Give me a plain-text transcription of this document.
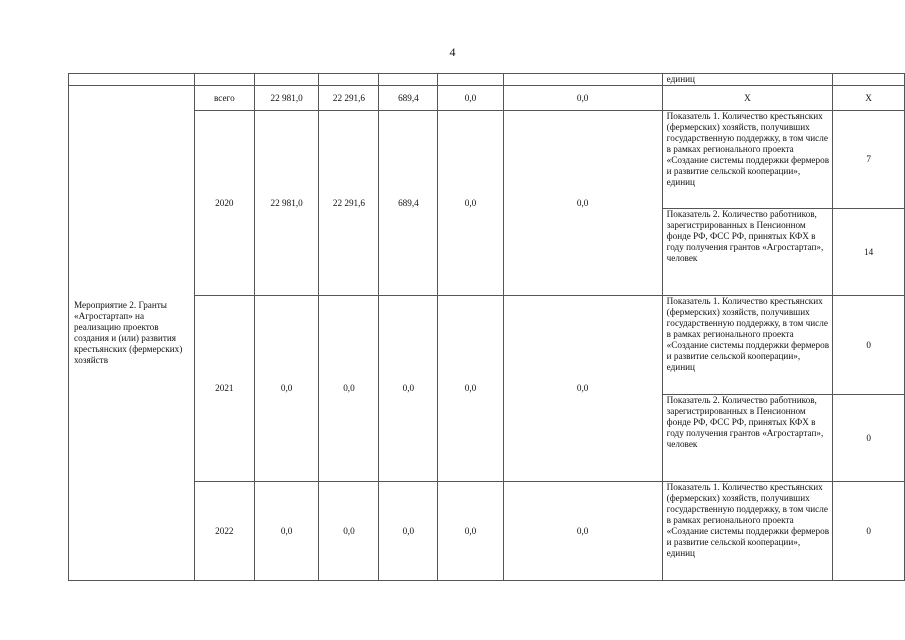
4
							единиц	
Мероприятие 2. Гранты «Агростартап» на реализацию проектов создания и (или) развития крестьянских (фермерских) хозяйств	всего	22 981,0	22 291,6	689,4	0,0	0,0	Х	Х
	2020	22 981,0	22 291,6	689,4	0,0	0,0	Показатель 1. Количество крестьянских (фермерских) хозяйств, получивших государственную поддержку, в том числе в рамках регионального проекта «Создание системы поддержки фермеров и развитие сельской кооперации», единиц	7
							Показатель 2. Количество работников, зарегистрированных в Пенсионном фонде РФ, ФСС РФ, принятых КФХ в году получения грантов «Агростартап», человек	14
	2021	0,0	0,0	0,0	0,0	0,0	Показатель 1. Количество крестьянских (фермерских) хозяйств, получивших государственную поддержку, в том числе в рамках регионального проекта «Создание системы поддержки фермеров и развитие сельской кооперации», единиц	0
							Показатель 2. Количество работников, зарегистрированных в Пенсионном фонде РФ, ФСС РФ, принятых КФХ в году получения грантов «Агростартап», человек	0
	2022	0,0	0,0	0,0	0,0	0,0	Показатель 1. Количество крестьянских (фермерских) хозяйств, получивших государственную поддержку, в том числе в рамках регионального проекта «Создание системы поддержки фермеров и развитие сельской кооперации», единиц	0
